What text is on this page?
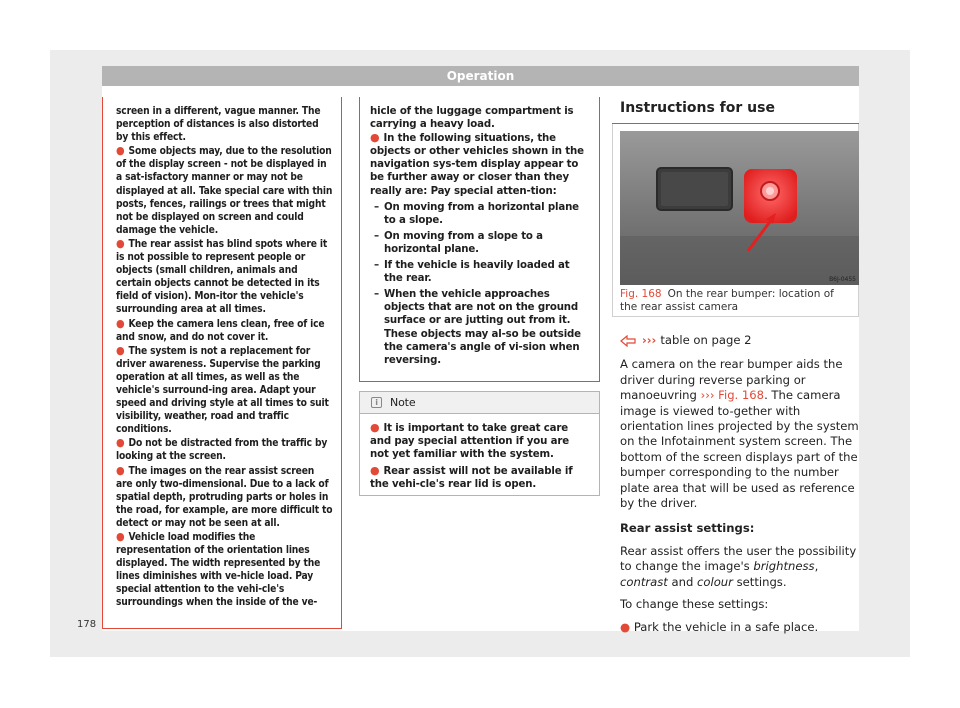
Operation
screen in a different, vague manner. The perception of distances is also distorted by this effect.
● Some objects may, due to the resolution of the display screen - not be displayed in a sat-isfactory manner or may not be displayed at all. Take special care with thin posts, fences, railings or trees that might not be displayed on screen and could damage the vehicle.
● The rear assist has blind spots where it is not possible to represent people or objects (small children, animals and certain objects cannot be detected in its field of vision). Mon-itor the vehicle's surrounding area at all times.
● Keep the camera lens clean, free of ice and snow, and do not cover it.
● The system is not a replacement for driver awareness. Supervise the parking operation at all times, as well as the vehicle's surround-ing area. Adapt your speed and driving style at all times to suit visibility, weather, road and traffic conditions.
● Do not be distracted from the traffic by looking at the screen.
● The images on the rear assist screen are only two-dimensional. Due to a lack of spatial depth, protruding parts or holes in the road, for example, are more difficult to detect or may not be seen at all.
● Vehicle load modifies the representation of the orientation lines displayed. The width represented by the lines diminishes with ve-hicle load. Pay special attention to the vehi-cle's surroundings when the inside of the ve-
hicle of the luggage compartment is carrying a heavy load.
● In the following situations, the objects or other vehicles shown in the navigation sys-tem display appear to be further away or closer than they really are: Pay special atten-tion:
– On moving from a horizontal plane to a slope.
– On moving from a slope to a horizontal plane.
– If the vehicle is heavily loaded at the rear.
– When the vehicle approaches objects that are not on the ground surface or are jutting out from it. These objects may al-so be outside the camera's angle of vi-sion when reversing.
i	Note
● It is important to take great care and pay special attention if you are not yet familiar with the system.
● Rear assist will not be available if the vehi-cle's rear lid is open.
Instructions for use
B6J-0455
Fig. 168 On the rear bumper: location of the rear assist camera
››› table on page 2

A camera on the rear bumper aids the driver during reverse parking or manoeuvring ››› Fig. 168. The camera image is viewed to-gether with orientation lines projected by the system on the Infotainment system screen. The bottom of the screen displays part of the bumper corresponding to the number plate area that will be used as reference by the driver.

Rear assist settings:

Rear assist offers the user the possibility to change the image's brightness, contrast and colour settings.

To change these settings:

● Park the vehicle in a safe place.

178
